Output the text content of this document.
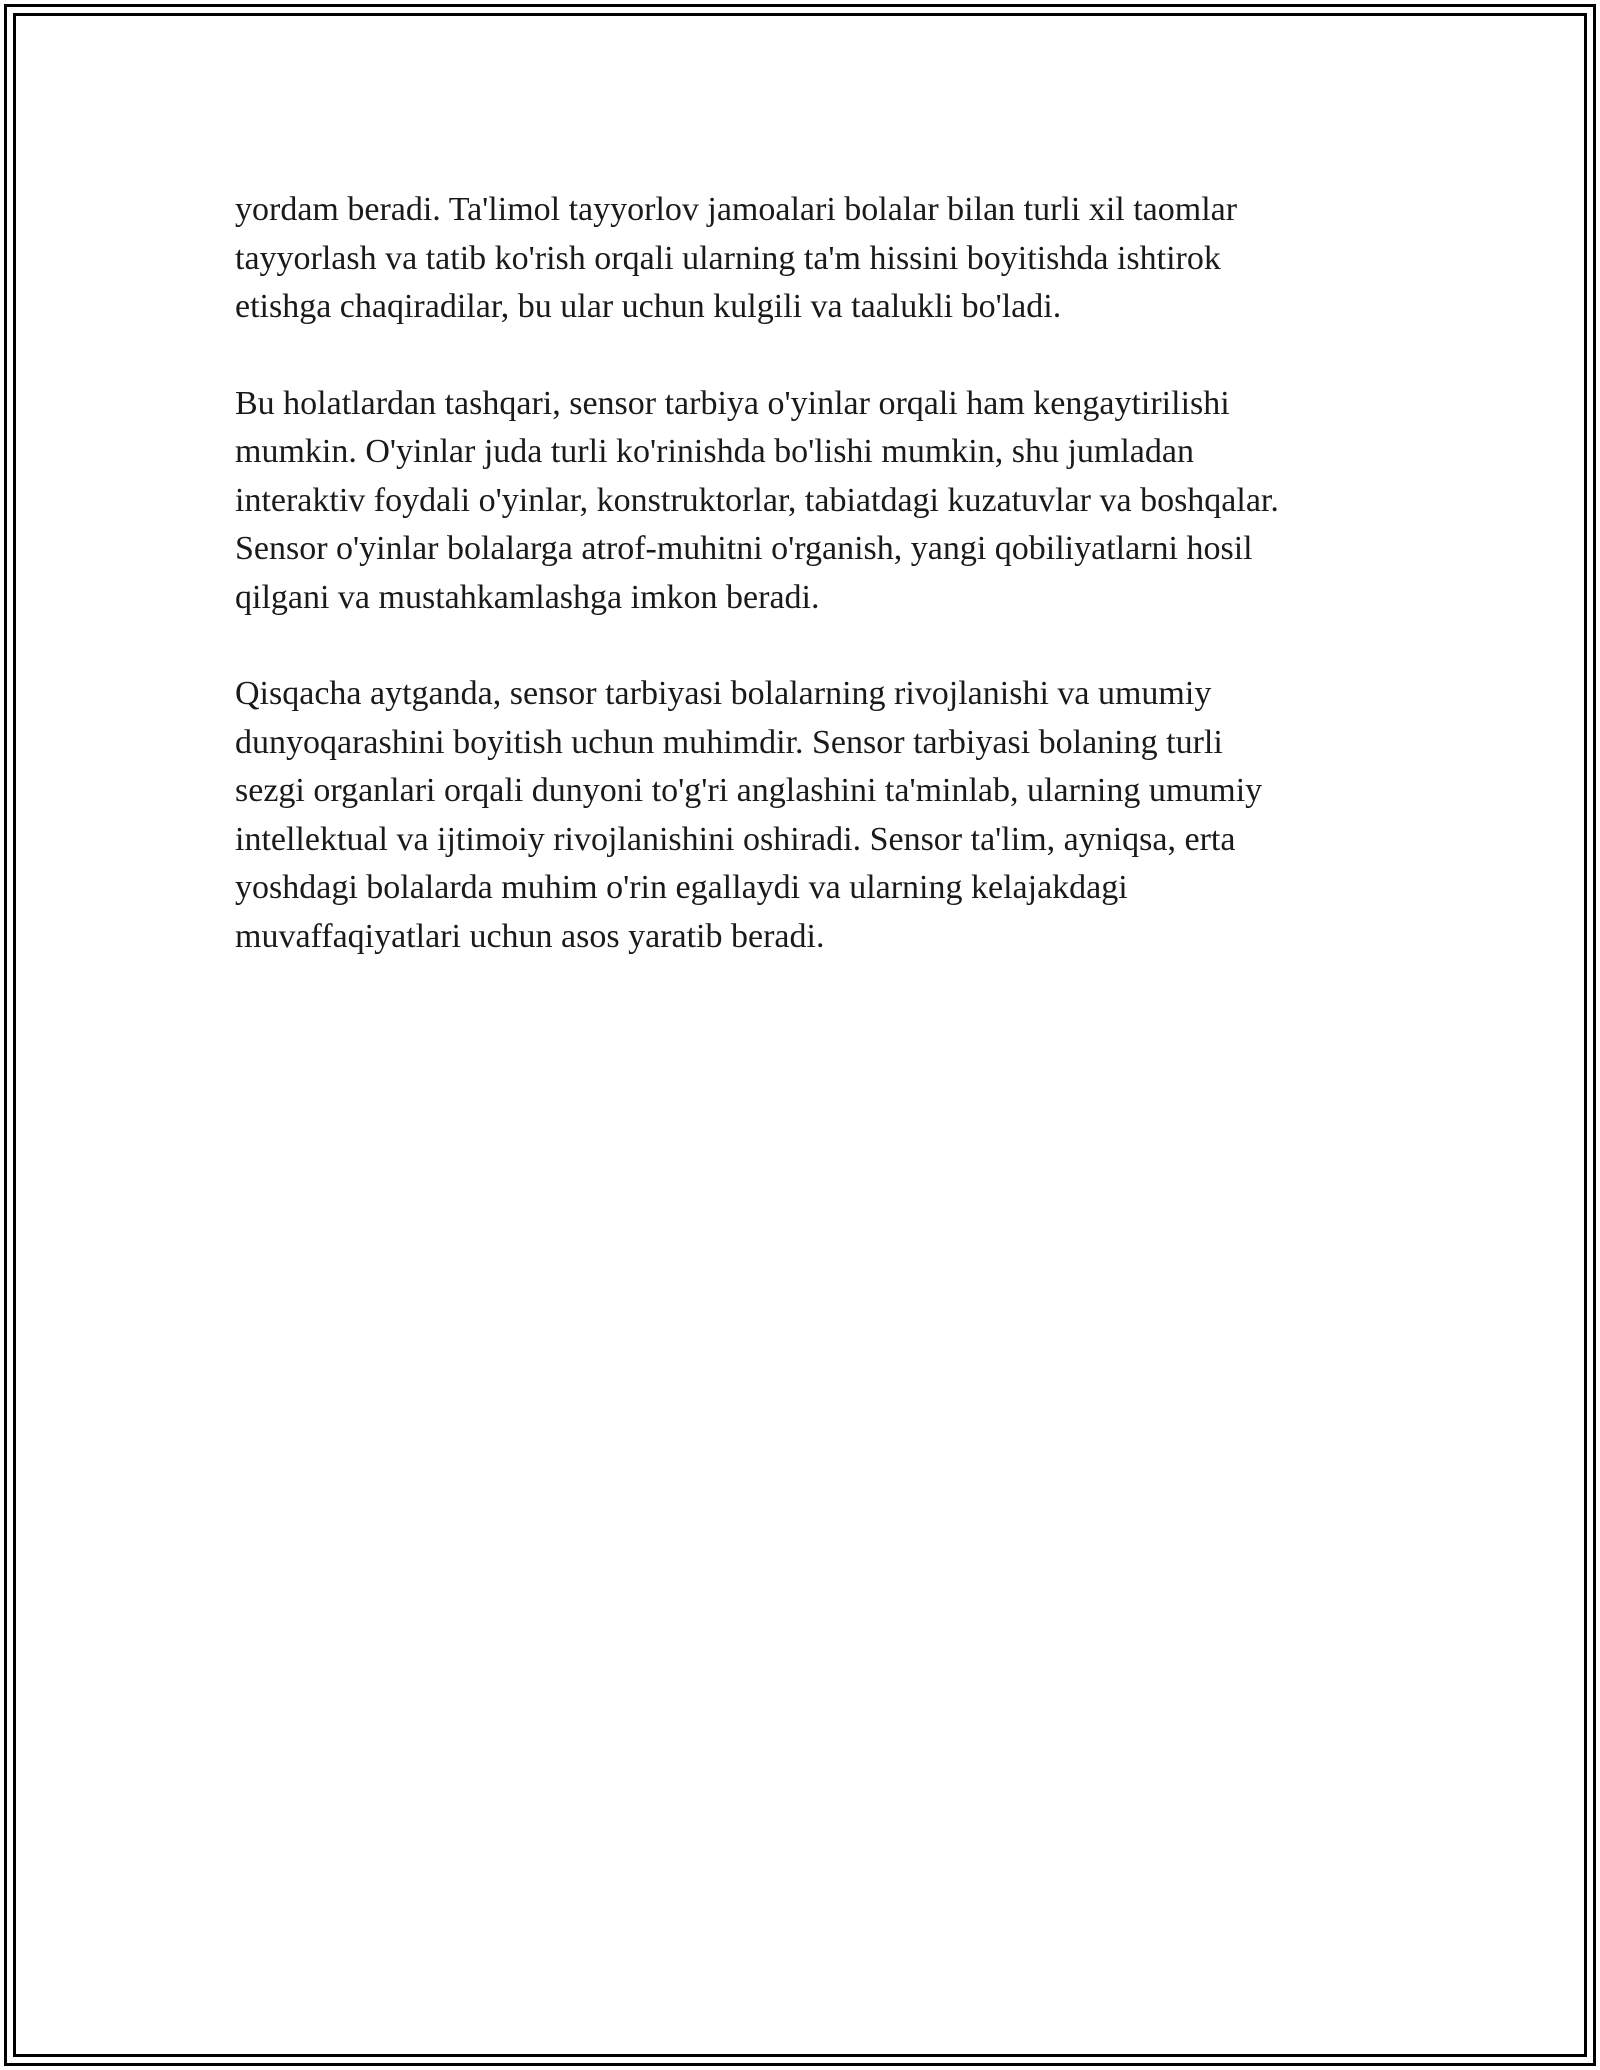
yordam beradi. Ta'limol tayyorlov jamoalari bolalar bilan turli xil taomlar
tayyorlash va tatib ko'rish orqali ularning ta'm hissini boyitishda ishtirok
etishga chaqiradilar, bu ular uchun kulgili va taalukli bo'ladi.

Bu holatlardan tashqari, sensor tarbiya o'yinlar orqali ham kengaytirilishi
mumkin. O'yinlar juda turli ko'rinishda bo'lishi mumkin, shu jumladan
interaktiv foydali o'yinlar, konstruktorlar, tabiatdagi kuzatuvlar va boshqalar.
Sensor o'yinlar bolalarga atrof-muhitni o'rganish, yangi qobiliyatlarni hosil
qilgani va mustahkamlashga imkon beradi.

Qisqacha aytganda, sensor tarbiyasi bolalarning rivojlanishi va umumiy
dunyoqarashini boyitish uchun muhimdir. Sensor tarbiyasi bolaning turli
sezgi organlari orqali dunyoni to'g'ri anglashini ta'minlab, ularning umumiy
intellektual va ijtimoiy rivojlanishini oshiradi. Sensor ta'lim, ayniqsa, erta
yoshdagi bolalarda muhim o'rin egallaydi va ularning kelajakdagi
muvaffaqiyatlari uchun asos yaratib beradi.
